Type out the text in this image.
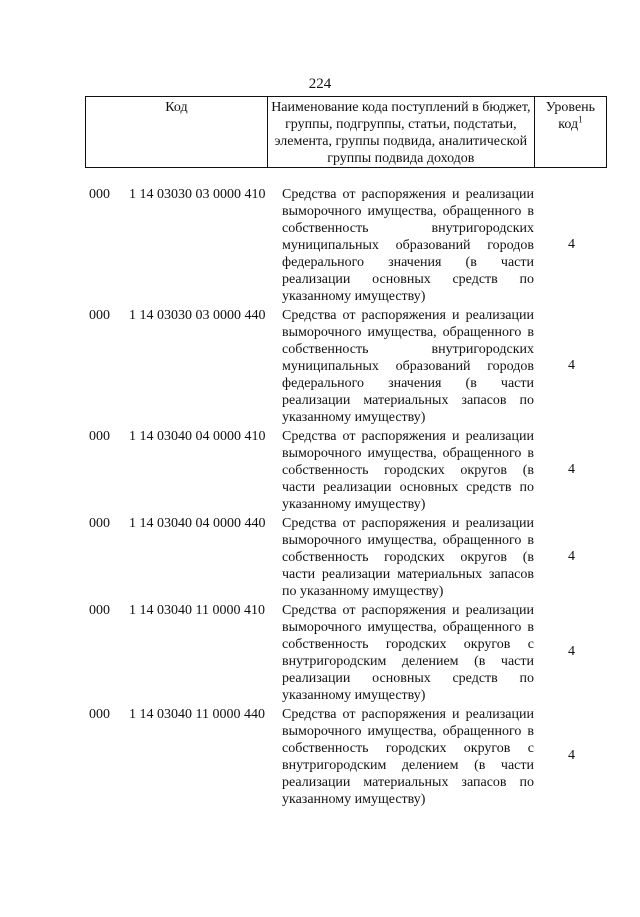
224
Код	Наименование кода поступлений в бюджет, группы, подгруппы, статьи, подстатьи, элемента, группы подвида, аналитической группы подвида доходов	Уровень код$^1$
000 1 14 03030 03 0000 410 Средства от распоряжения и реализации
выморочного имущества, обращенного в
собственность внутригородских
муниципальных образований городов
федерального значения (в части
реализации основных средств по
указанному имуществу)
4
000 1 14 03030 03 0000 440 Средства от распоряжения и реализации
выморочного имущества, обращенного в
собственность внутригородских
муниципальных образований городов
федерального значения (в части
реализации материальных запасов по
указанному имуществу)
4
000 1 14 03040 04 0000 410 Средства от распоряжения и реализации
выморочного имущества, обращенного в
собственность городских округов (в
части реализации основных средств по
указанному имуществу)
4
000 1 14 03040 04 0000 440 Средства от распоряжения и реализации
выморочного имущества, обращенного в
собственность городских округов (в
части реализации материальных запасов
по указанному имуществу)
4
000 1 14 03040 11 0000 410 Средства от распоряжения и реализации
выморочного имущества, обращенного в
собственность городских округов с
внутригородским делением (в части
реализации основных средств по
указанному имуществу)
4
000 1 14 03040 11 0000 440 Средства от распоряжения и реализации
выморочного имущества, обращенного в
собственность городских округов с
внутригородским делением (в части
реализации материальных запасов по
указанному имуществу)
4
